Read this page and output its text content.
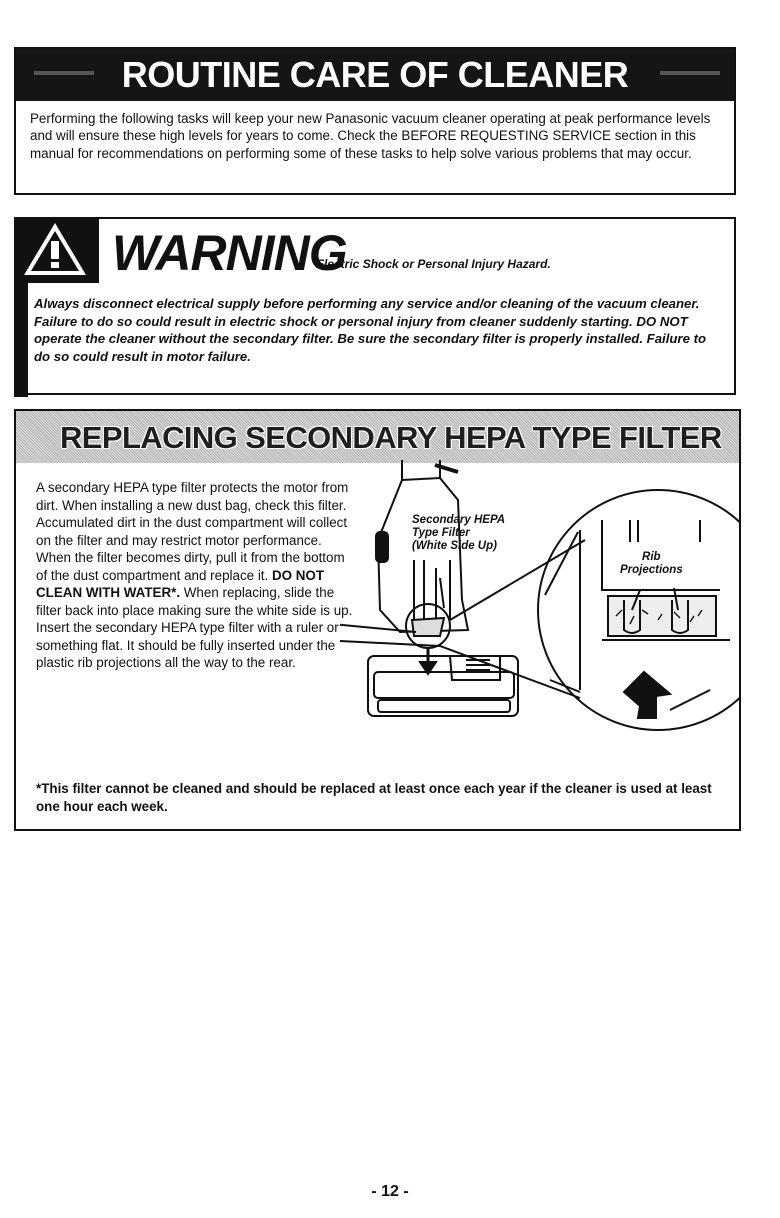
ROUTINE CARE OF CLEANER
Performing the following tasks will keep your new Panasonic vacuum cleaner operating at peak performance levels and will ensure these high levels for years to come. Check the BEFORE REQUESTING SERVICE section in this manual for recommendations on performing some of these tasks to help solve various problems that may occur.
WARNING
Electric Shock or Personal Injury Hazard.
Always disconnect electrical supply before performing any service and/or cleaning of the vacuum cleaner. Failure to do so could result in electric shock or personal injury from cleaner suddenly starting. DO NOT operate the cleaner without the secondary filter. Be sure the secondary filter is properly installed. Failure to do so could result in motor failure.
REPLACING SECONDARY HEPA TYPE FILTER
A secondary HEPA type filter protects the motor from dirt. When installing a new dust bag, check this filter. Accumulated dirt in the dust compartment will collect on the filter and may restrict motor performance. When the filter becomes dirty, pull it from the bottom of the dust compartment and replace it. DO NOT CLEAN WITH WATER*. When replacing, slide the filter back into place making sure the white side is up. Insert the secondary HEPA type filter with a ruler or something flat. It should be fully inserted under the plastic rib projections all the way to the rear.
*This filter cannot be cleaned and should be replaced at least once each year if the cleaner is used at least one hour each week.
Secondary HEPA
Type Filter
(White Side Up)
Rib
Projections
- 12 -
